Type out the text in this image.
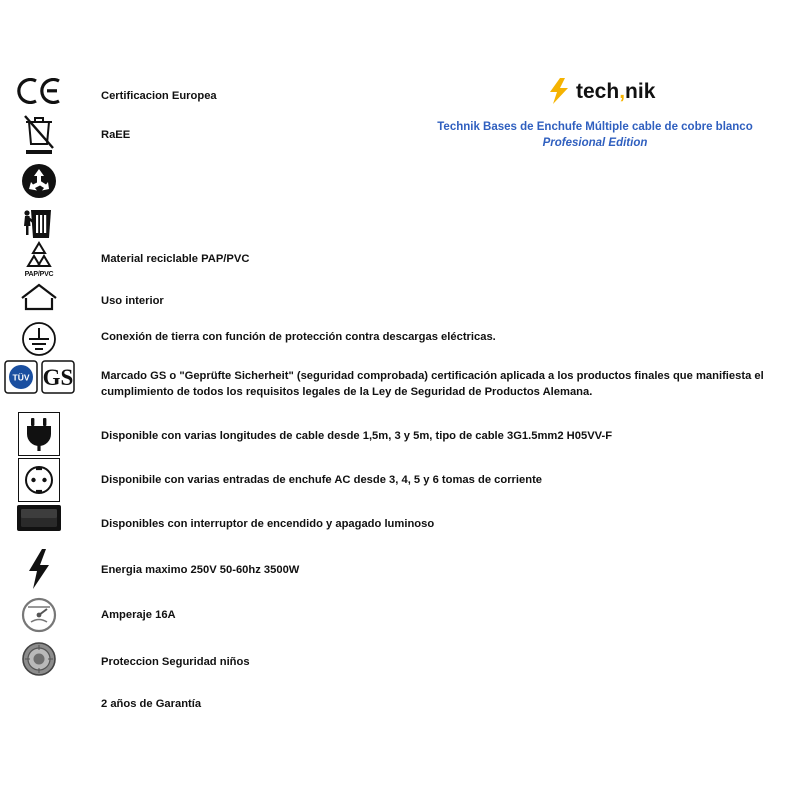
tech,nik
Technik Bases de Enchufe Múltiple cable de cobre blanco
Profesional Edition
Certificacion Europea
RaEE
PAP/PVC
Material reciclable PAP/PVC
Uso interior
Conexión de tierra con función de protección contra descargas eléctricas.
TÜV GS	Marcado GS o "Geprüfte Sicherheit" (seguridad comprobada) certificación aplicada a los productos finales que manifiesta el cumplimiento de todos los requisitos legales de la Ley de Seguridad de Productos Alemana.
Disponible con varias longitudes de cable desde 1,5m, 3 y 5m, tipo de cable 3G1.5mm2 H05VV-F
Disponibile con varias entradas de enchufe AC desde 3, 4, 5 y 6 tomas de corriente
Disponibles con interruptor de encendido y apagado luminoso
Energia maximo 250V 50-60hz 3500W
Amperaje 16A
Proteccion Seguridad niños
2 años de Garantía
